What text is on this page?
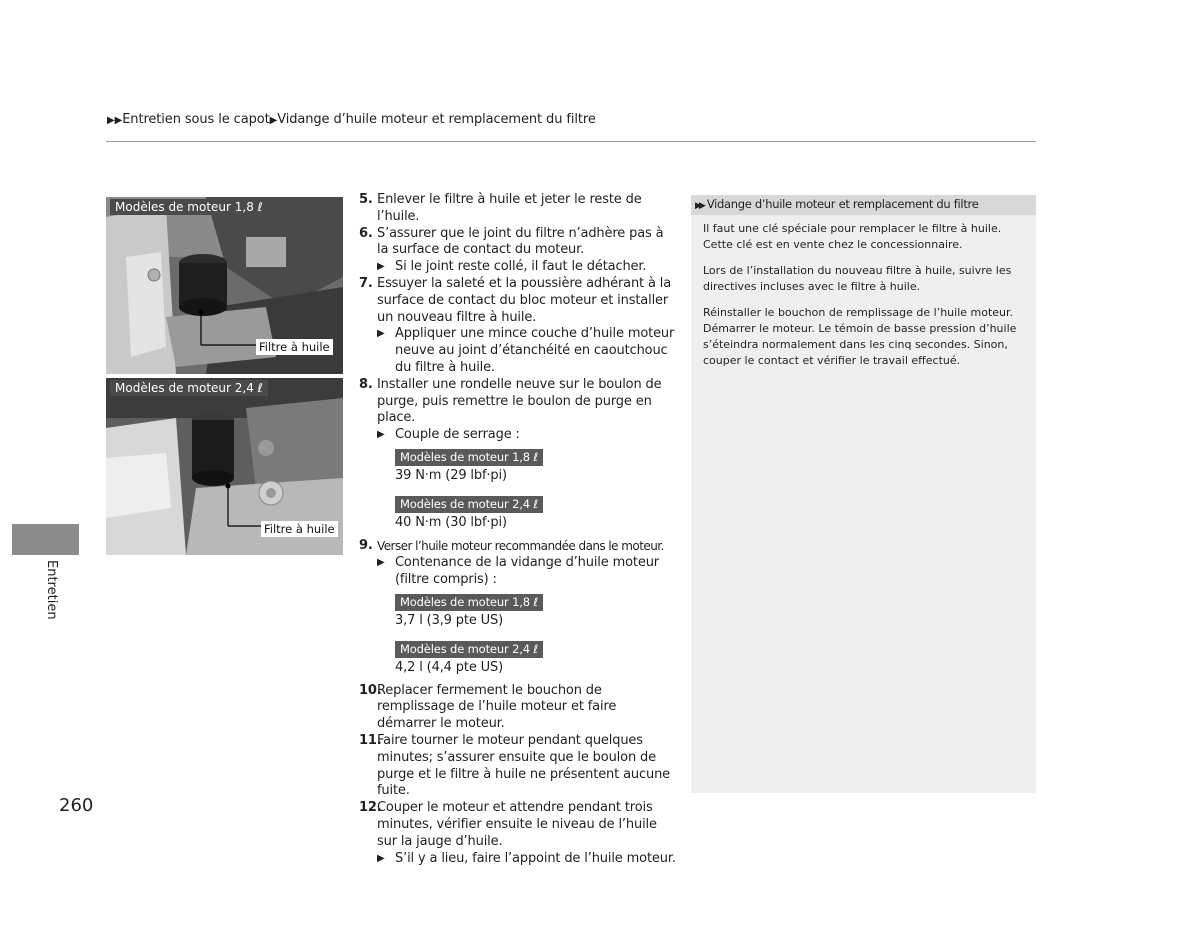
▶▶Entretien sous le capot▶Vidange d’huile moteur et remplacement du filtre
Modèles de moteur 1,8 ℓ
Filtre à huile
Modèles de moteur 2,4 ℓ
Filtre à huile
Entretien
5. Enlever le filtre à huile et jeter le reste de l’huile.
6. S’assurer que le joint du filtre n’adhère pas à la surface de contact du moteur.
▶ Si le joint reste collé, il faut le détacher.
7. Essuyer la saleté et la poussière adhérant à la surface de contact du bloc moteur et installer un nouveau filtre à huile.
▶ Appliquer une mince couche d’huile moteur neuve au joint d’étanchéité en caoutchouc du filtre à huile.
8. Installer une rondelle neuve sur le boulon de purge, puis remettre le boulon de purge en place.
▶ Couple de serrage :
Modèles de moteur 1,8 ℓ
39 N·m (29 lbf·pi)
Modèles de moteur 2,4 ℓ
40 N·m (30 lbf·pi)
9. Verser l’huile moteur recommandée dans le moteur.
▶ Contenance de la vidange d’huile moteur (filtre compris) :
Modèles de moteur 1,8 ℓ
3,7 l (3,9 pte US)
Modèles de moteur 2,4 ℓ
4,2 l (4,4 pte US)
10.
Replacer fermement le bouchon de remplissage de l’huile moteur et faire démarrer le moteur.
11.
Faire tourner le moteur pendant quelques minutes; s’assurer ensuite que le boulon de purge et le filtre à huile ne présentent aucune fuite.
12.
Couper le moteur et attendre pendant trois minutes, vérifier ensuite le niveau de l’huile sur la jauge d’huile.
▶ S’il y a lieu, faire l’appoint de l’huile moteur.
▶▶ Vidange d’huile moteur et remplacement du filtre

Il faut une clé spéciale pour remplacer le filtre à huile. Cette clé est en vente chez le concessionnaire.

Lors de l’installation du nouveau filtre à huile, suivre les directives incluses avec le filtre à huile.

Réinstaller le bouchon de remplissage de l’huile moteur. Démarrer le moteur. Le témoin de basse pression d’huile s’éteindra normalement dans les cinq secondes. Sinon, couper le contact et vérifier le travail effectué.

260
